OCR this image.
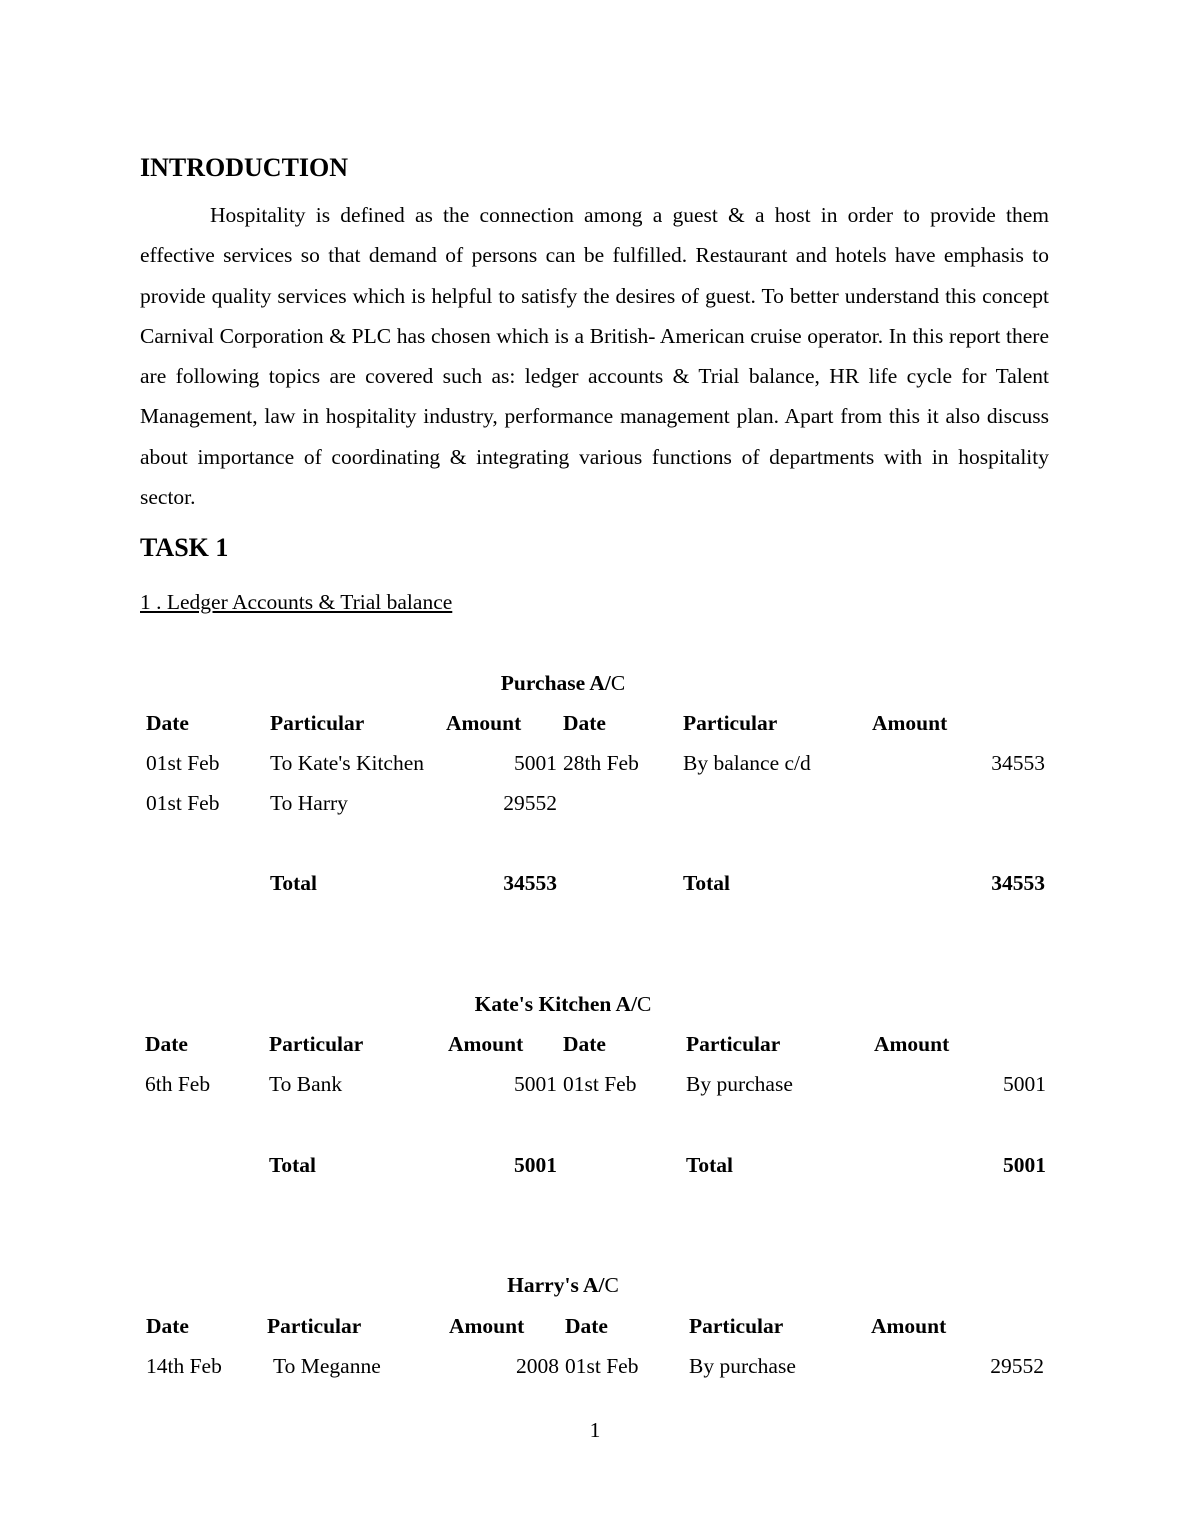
INTRODUCTION

Hospitality is defined as the connection among a guest & a host in order to provide them effective services so that demand of persons can be fulfilled. Restaurant and hotels have emphasis to provide quality services which is helpful to satisfy the desires of guest. To better understand this concept Carnival Corporation & PLC has chosen which is a British- American cruise operator. In this report there are following topics are covered such as: ledger accounts & Trial balance, HR life cycle for Talent Management, law in hospitality industry, performance management plan. Apart from this it also discuss about importance of coordinating & integrating various functions of departments with in hospitality sector.

TASK 1
1 . Ledger Accounts & Trial balance
Purchase A/C
Date	Particular	Amount Date	Particular	Amount
01st Feb To Kate's Kitchen	5001 28th Feb By balance c/d	34553
01st Feb To Harry	29552
Total	34553	Total	34553
Kate's Kitchen A/C
Date	Particular	Amount Date	Particular	Amount
6th Feb	To Bank	5001 01st Feb By purchase	5001
Total	5001	Total	5001
Harry's A/C
Date	Particular	Amount Date	Particular	Amount
14th Feb To Meganne	2008 01st Feb By purchase	29552
1
